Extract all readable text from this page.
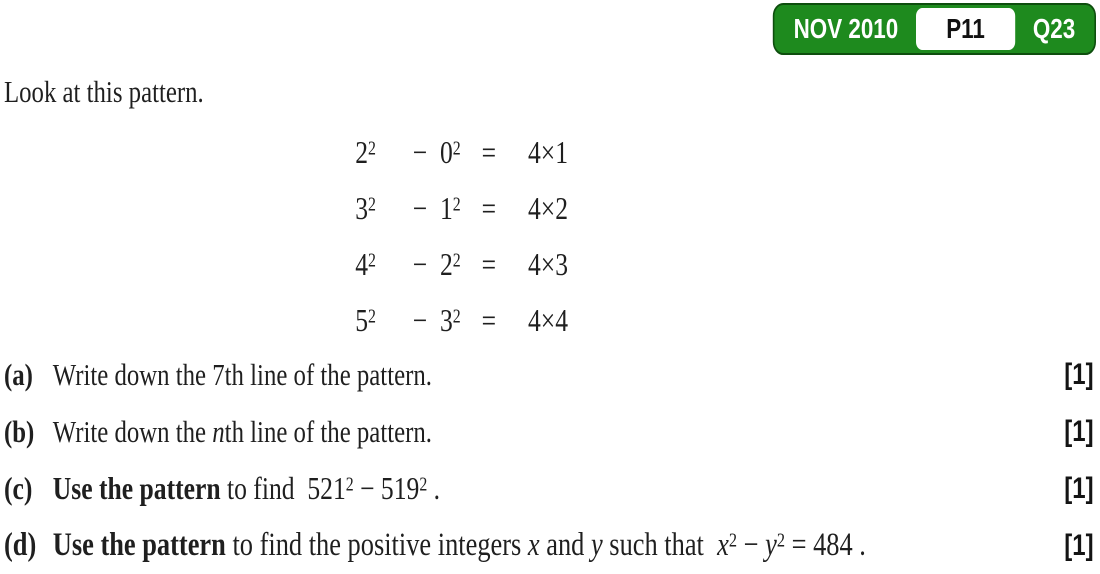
NOV 2010 P11 Q23
Look at this pattern.
$2^2$	− $0^2 = 4\times 1$
$3^2$	− $1^2 = 4\times 2$
$4^2$	− $2^2 = 4\times 3$
$5^2$	− $3^2 = 4\times 4$
(a) Write down the 7th line of the pattern.	[1]
(b) Write down the nth line of the pattern.	[1]
(c) Use the pattern to find  $521^2 - 519^2$ .	[1]
(d) Use the pattern to find the positive integers x and y such that  $x^2 - y^2 = 484$ .	[1]
